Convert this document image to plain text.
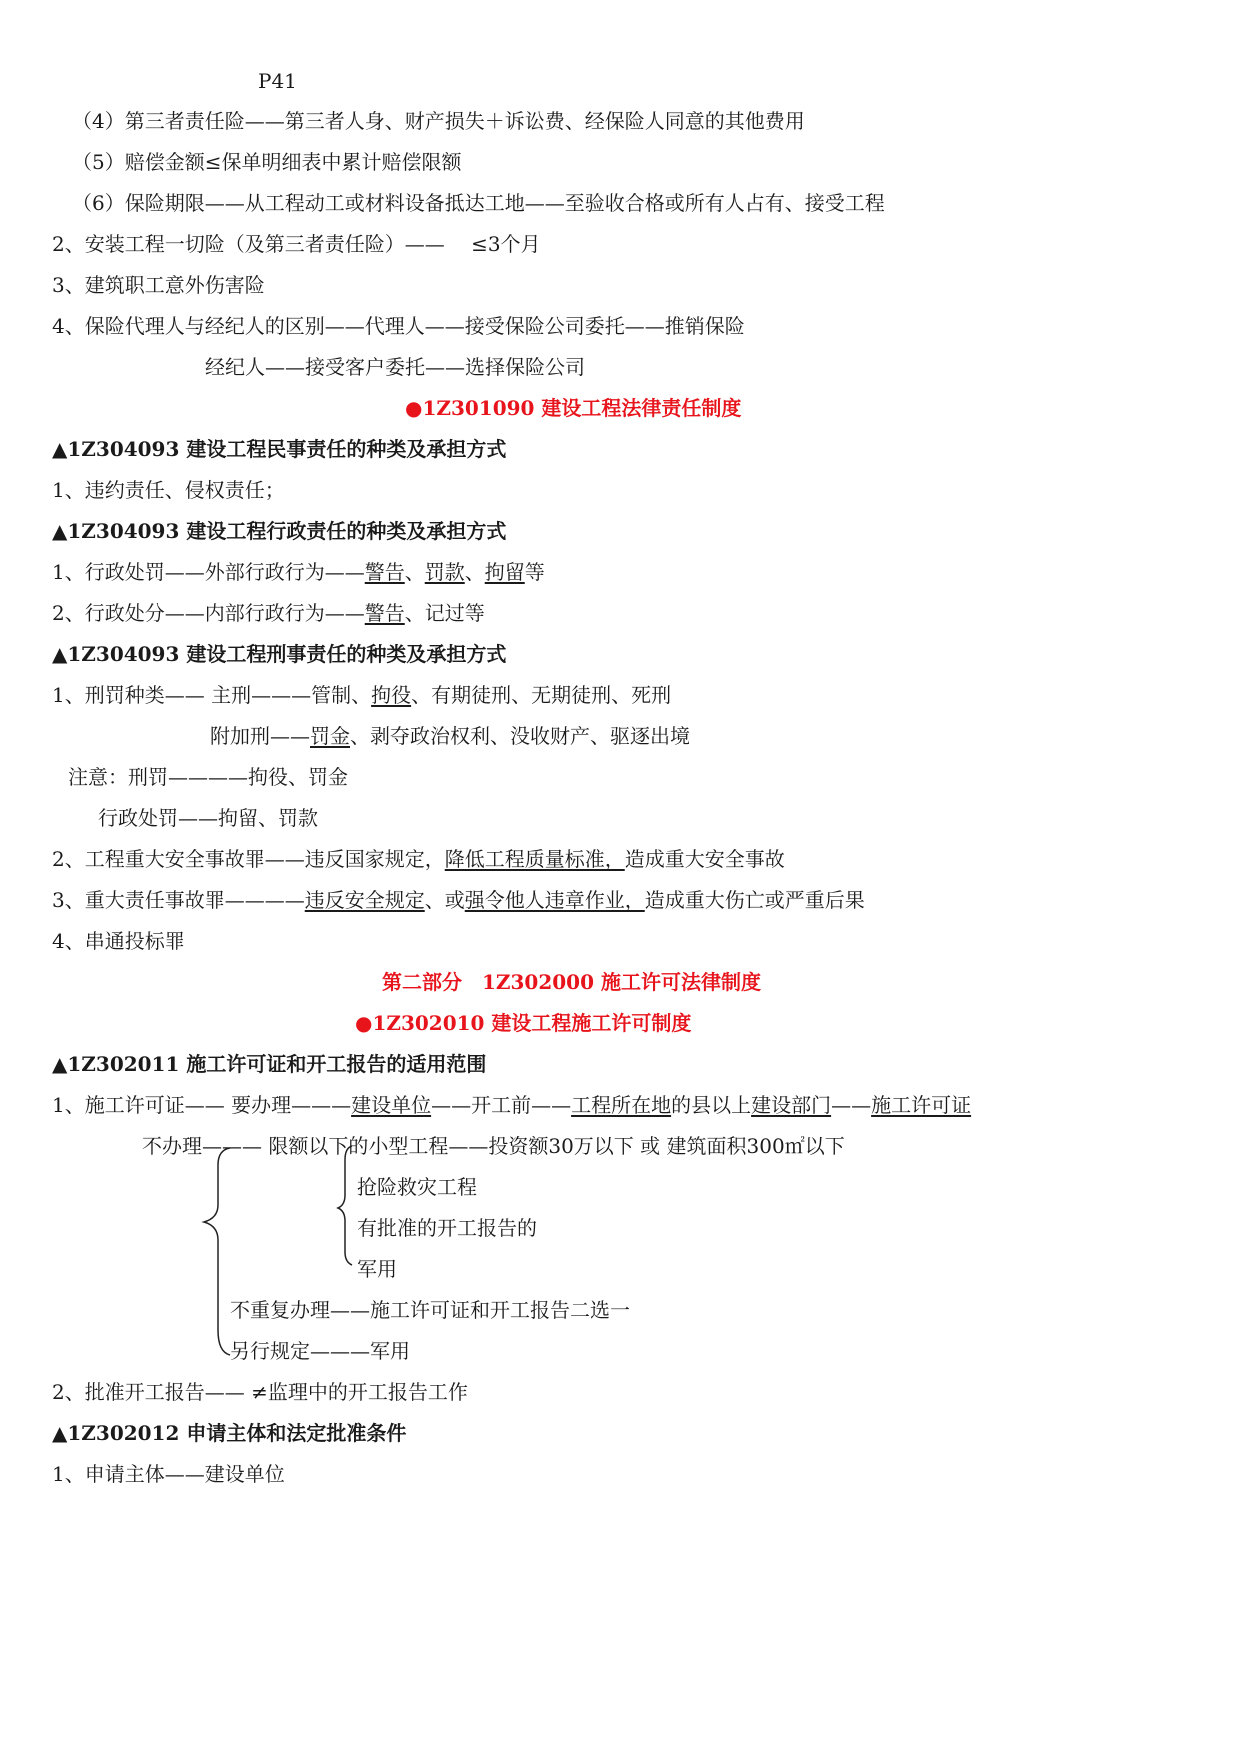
P41
（4）第三者责任险——第三者人身、财产损失＋诉讼费、经保险人同意的其他费用
（5）赔偿金额≤保单明细表中累计赔偿限额
（6）保险期限——从工程动工或材料设备抵达工地——至验收合格或所有人占有、接受工程
2、安装工程一切险（及第三者责任险）——　 ≤3个月
3、建筑职工意外伤害险
4、保险代理人与经纪人的区别——代理人——接受保险公司委托——推销保险
经纪人——接受客户委托——选择保险公司
●1Z301090 建设工程法律责任制度
▲1Z304093 建设工程民事责任的种类及承担方式
1、违约责任、侵权责任；
▲1Z304093 建设工程行政责任的种类及承担方式
1、行政处罚——外部行政行为——警告、罚款、拘留等
2、行政处分——内部行政行为——警告、记过等
▲1Z304093 建设工程刑事责任的种类及承担方式
1、刑罚种类—— 主刑———管制、拘役、有期徒刑、无期徒刑、死刑
附加刑——罚金、剥夺政治权利、没收财产、驱逐出境
注意：刑罚————拘役、罚金
行政处罚——拘留、罚款
2、工程重大安全事故罪——违反国家规定，降低工程质量标准，造成重大安全事故
3、重大责任事故罪————违反安全规定、或强令他人违章作业，造成重大伤亡或严重后果
4、串通投标罪
第二部分　1Z302000 施工许可法律制度
●1Z302010 建设工程施工许可制度
▲1Z302011 施工许可证和开工报告的适用范围
1、施工许可证—— 要办理———建设单位——开工前——工程所在地的县以上建设部门——施工许可证
不办理——— 限额以下的小型工程——投资额30万以下 或 建筑面积300㎡以下
抢险救灾工程
有批准的开工报告的
军用
不重复办理——施工许可证和开工报告二选一
另行规定———军用
2、批准开工报告—— ≠监理中的开工报告工作
▲1Z302012 申请主体和法定批准条件
1、申请主体——建设单位
